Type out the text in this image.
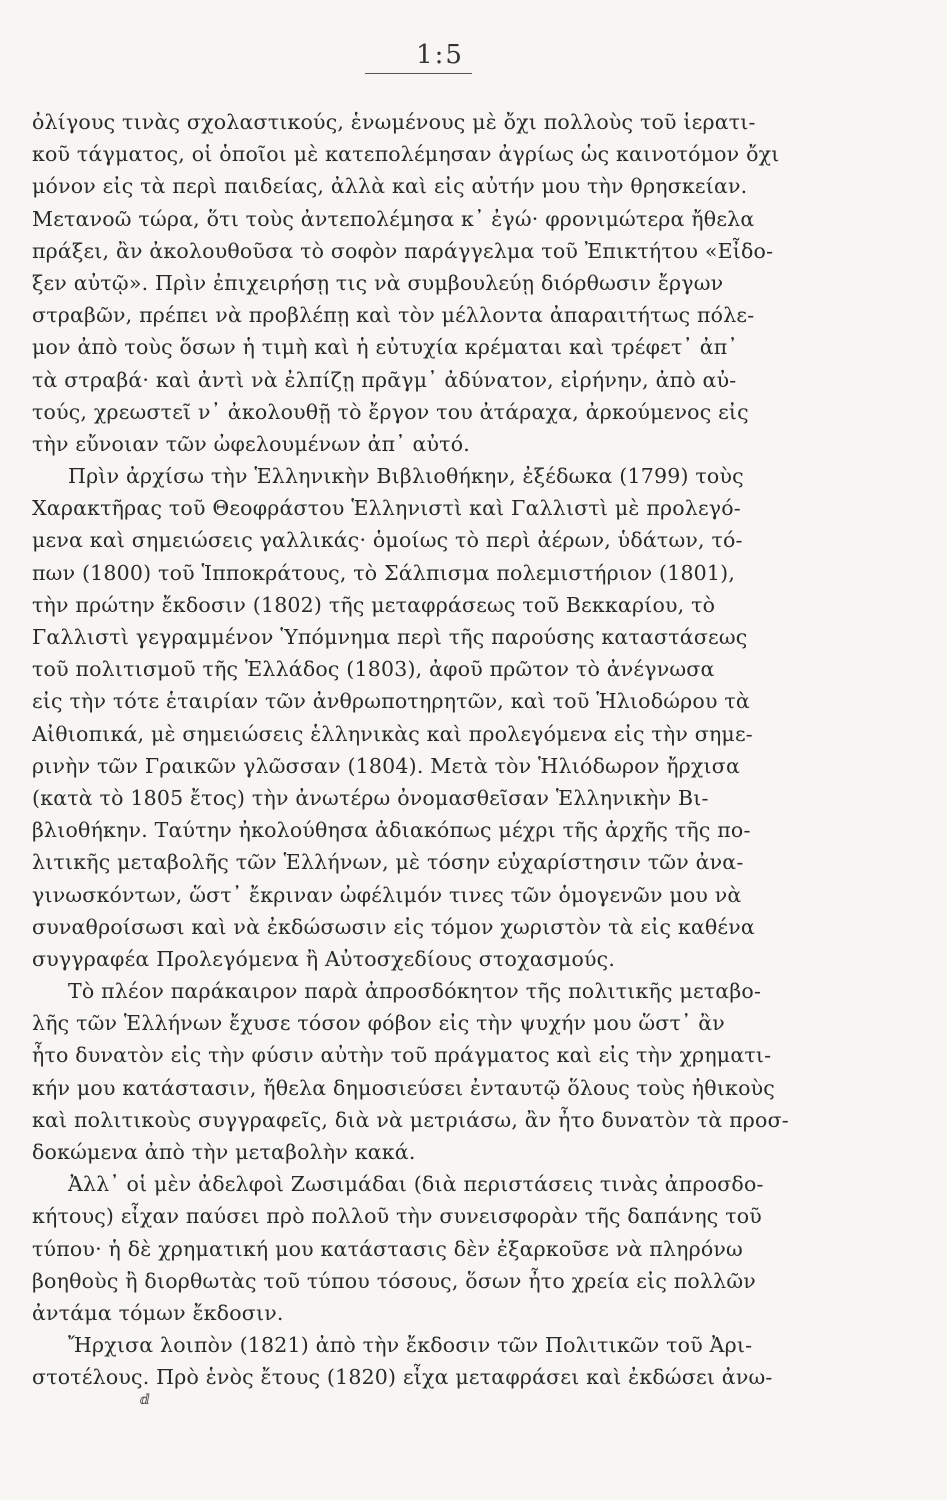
1:5
ὀλίγους τινὰς σχολαστικούς, ἑνωμένους μὲ ὄχι πολλοὺς τοῦ ἱερατι-
κοῦ τάγματος, οἱ ὁποῖοι μὲ κατεπολέμησαν ἀγρίως ὡς καινοτόμον ὄχι
μόνον εἰς τὰ περὶ παιδείας, ἀλλὰ καὶ εἰς αὐτήν μου τὴν θρησκείαν.
Μετανοῶ τώρα, ὅτι τοὺς ἀντεπολέμησα κ᾽ ἐγώ· φρονιμώτερα ἤθελα
πράξει, ἂν ἀκολουθοῦσα τὸ σοφὸν παράγγελμα τοῦ Ἐπικτήτου «Εἶδο-
ξεν αὐτῷ». Πρὶν ἐπιχειρήσῃ τις νὰ συμβουλεύῃ διόρθωσιν ἔργων
στραβῶν, πρέπει νὰ προβλέπῃ καὶ τὸν μέλλοντα ἀπαραιτήτως πόλε-
μον ἀπὸ τοὺς ὅσων ἡ τιμὴ καὶ ἡ εὐτυχία κρέμαται καὶ τρέφετ᾽ ἀπ᾽
τὰ στραβά· καὶ ἀντὶ νὰ ἐλπίζῃ πρᾶγμ᾽ ἀδύνατον, εἰρήνην, ἀπὸ αὐ-
τούς, χρεωστεῖ ν᾽ ἀκολουθῇ τὸ ἔργον του ἀτάραχα, ἀρκούμενος εἰς
τὴν εὔνοιαν τῶν ὠφελουμένων ἀπ᾽ αὐτό.
Πρὶν ἀρχίσω τὴν Ἑλληνικὴν Βιβλιοθήκην, ἐξέδωκα (1799) τοὺς
Χαρακτῆρας τοῦ Θεοφράστου Ἑλληνιστὶ καὶ Γαλλιστὶ μὲ προλεγό-
μενα καὶ σημειώσεις γαλλικάς· ὁμοίως τὸ περὶ ἀέρων, ὑδάτων, τό-
πων (1800) τοῦ Ἱπποκράτους, τὸ Σάλπισμα πολεμιστήριον (1801),
τὴν πρώτην ἔκδοσιν (1802) τῆς μεταφράσεως τοῦ Βεκκαρίου, τὸ
Γαλλιστὶ γεγραμμένον Ὑπόμνημα περὶ τῆς παρούσης καταστάσεως
τοῦ πολιτισμοῦ τῆς Ἑλλάδος (1803), ἀφοῦ πρῶτον τὸ ἀνέγνωσα
εἰς τὴν τότε ἑταιρίαν τῶν ἀνθρωποτηρητῶν, καὶ τοῦ Ἡλιοδώρου τὰ
Αἰθιοπικά, μὲ σημειώσεις ἑλληνικὰς καὶ προλεγόμενα εἰς τὴν σημε-
ρινὴν τῶν Γραικῶν γλῶσσαν (1804). Μετὰ τὸν Ἡλιόδωρον ἤρχισα
(κατὰ τὸ 1805 ἔτος) τὴν ἀνωτέρω ὀνομασθεῖσαν Ἑλληνικὴν Βι-
βλιοθήκην. Ταύτην ἠκολούθησα ἀδιακόπως μέχρι τῆς ἀρχῆς τῆς πο-
λιτικῆς μεταβολῆς τῶν Ἑλλήνων, μὲ τόσην εὐχαρίστησιν τῶν ἀνα-
γινωσκόντων, ὥστ᾽ ἔκριναν ὠφέλιμόν τινες τῶν ὁμογενῶν μου νὰ
συναθροίσωσι καὶ νὰ ἐκδώσωσιν εἰς τόμον χωριστὸν τὰ εἰς καθένα
συγγραφέα Προλεγόμενα ἢ Αὐτοσχεδίους στοχασμούς.
Τὸ πλέον παράκαιρον παρὰ ἀπροσδόκητον τῆς πολιτικῆς μεταβο-
λῆς τῶν Ἑλλήνων ἔχυσε τόσον φόβον εἰς τὴν ψυχήν μου ὥστ᾽ ἂν
ἦτο δυνατὸν εἰς τὴν φύσιν αὐτὴν τοῦ πράγματος καὶ εἰς τὴν χρηματι-
κήν μου κατάστασιν, ἤθελα δημοσιεύσει ἐνταυτῷ ὅλους τοὺς ἠθικοὺς
καὶ πολιτικοὺς συγγραφεῖς, διὰ νὰ μετριάσω, ἂν ἦτο δυνατὸν τὰ προσ-
δοκώμενα ἀπὸ τὴν μεταβολὴν κακά.
Ἀλλ᾽ οἱ μὲν ἀδελφοὶ Ζωσιμάδαι (διὰ περιστάσεις τινὰς ἀπροσδο-
κήτους) εἶχαν παύσει πρὸ πολλοῦ τὴν συνεισφορὰν τῆς δαπάνης τοῦ
τύπου· ἡ δὲ χρηματική μου κατάστασις δὲν ἐξαρκοῦσε νὰ πληρόνω
βοηθοὺς ἢ διορθωτὰς τοῦ τύπου τόσους, ὅσων ἦτο χρεία εἰς πολλῶν
ἀντάμα τόμων ἔκδοσιν.
Ἤρχισα λοιπὸν (1821) ἀπὸ τὴν ἔκδοσιν τῶν Πολιτικῶν τοῦ Ἀρι-
στοτέλους. Πρὸ ἑνὸς ἔτους (1820) εἶχα μεταφράσει καὶ ἐκδώσει ἀνω-
ⅆ
